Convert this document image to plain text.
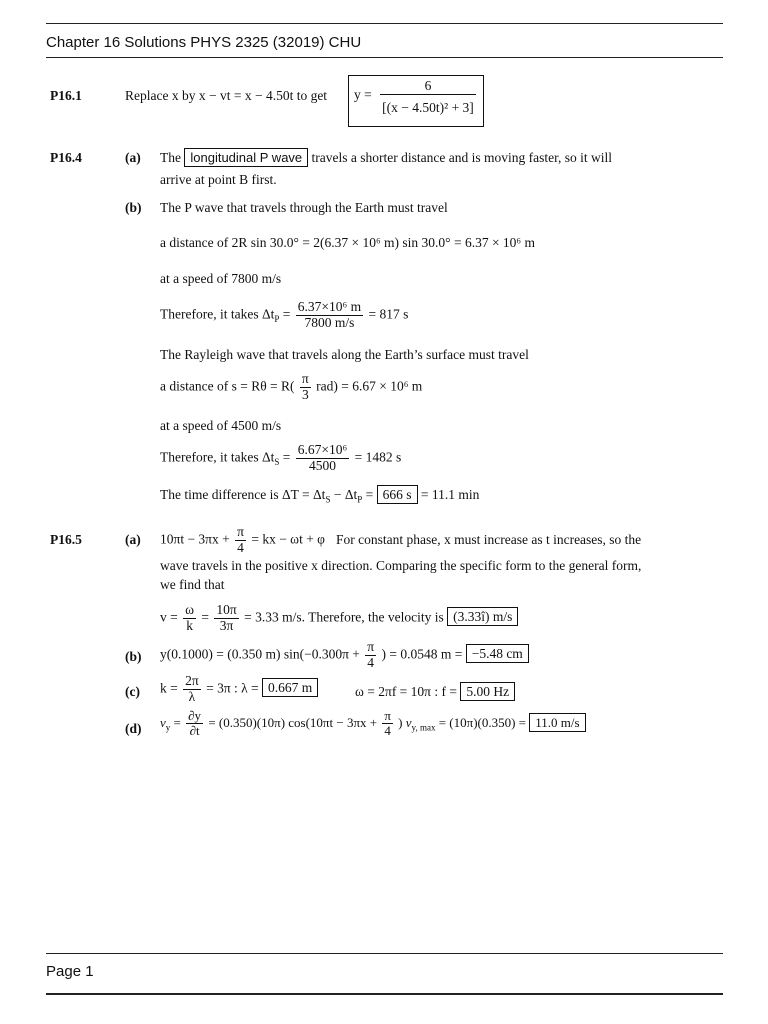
Chapter 16 Solutions PHYS 2325 (32019) CHU
P16.1	Replace x by x − vt = x − 4.50t to get y =
6
[(x − 4.50t)² + 3]
P16.4	(a) The longitudinal P wave travels a shorter distance and is moving faster, so it will
arrive at point B first.
(b) The P wave that travels through the Earth must travel
a distance of 2R sin 30.0° = 2(6.37 × 10⁶ m) sin 30.0° = 6.37 × 10⁶ m
at a speed of 7800 m/s
Therefore, it takes $\Delta t_P = \frac{\text{6.37×10⁶ m}}{7800 m/s} = 817$ s
The Rayleigh wave that travels along the Earth’s surface must travel
a distance of $s = R\theta = R( \frac{\pi}{3} rad) = 6.67 \times 10^6$ m
at a speed of 4500 m/s
Therefore, it takes $\Delta t_S = \frac{\text{6.67×10⁶}}{4500} = 1482$ s
The time difference is $\Delta T = \Delta t_S - \Delta t_P = 666$ s = 11.1 min
P16.5	(a) $10\pi t - 3\pi x + \frac{\pi}{4}$ = kx − ωt + φ For constant phase, x must increase as t increases, so the
wave travels in the positive x direction. Comparing the specific form to the general form,
we find that
$v = \frac{\omega}{k} = \frac{10\pi}{3\pi} = 3.33$ m/s. Therefore, the velocity is (3.33î) m/s
(b) y(0.1000) = (0.350 m) $\sin(-0.300\pi + \frac{\pi}{4}$ ) = 0.0548 m = −5.48 cm
(c) $k = \frac{2\pi}{\lambda} = 3\pi$ : λ = 0.667 m	ω = 2πf = 10π : f = 5.00 Hz
(d) $v_y = \frac{\partial y}{\partial t} = (0.350)(10\pi) \cos(10\pi t - 3\pi x + \frac{\pi}{4}$ ) $v_{y, max} = (10\pi)(0.350) = 11.0$ m/s
Page 1
